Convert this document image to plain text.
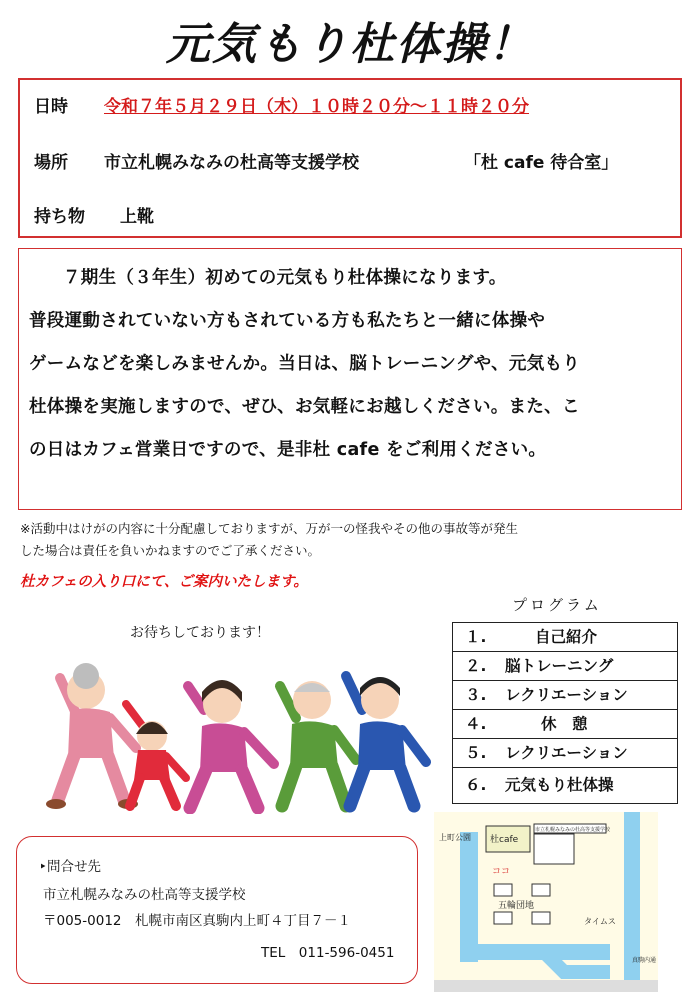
元気もり杜体操！
日時 令和７年５月２９日（木）１０時２０分～１１時２０分
場所 市立札幌みなみの杜高等支援学校	「杜 cafe 待合室」
持ち物 上靴
７期生（３年生）初めての元気もり杜体操になります。
普段運動されていない方もされている方も私たちと一緒に体操や
ゲームなどを楽しみませんか。当日は、脳トレーニングや、元気もり
杜体操を実施しますので、ぜひ、お気軽にお越しください。また、こ
の日はカフェ営業日ですので、是非杜 cafe をご利用ください。
※活動中はけがの内容に十分配慮しておりますが、万が一の怪我やその他の事故等が発生
した場合は責任を負いかねますのでご了承ください。
杜カフェの入り口にて、ご案内いたします。
お待ちしております！
プログラム
１.	自己紹介
２.	脳トレーニング
３.	レクリエーション
４.	休　憩
５.	レクリエーション
６.	元気もり杜体操
‣問合せ先
市立札幌みなみの杜高等支援学校
〒005-0012　札幌市南区真駒内上町４丁目７－１
TEL　011-596-0451
杜cafe
市立札幌みなみの杜高等支援学校
上町公園
ココ
五輪団地
タイムス
真駒内通
